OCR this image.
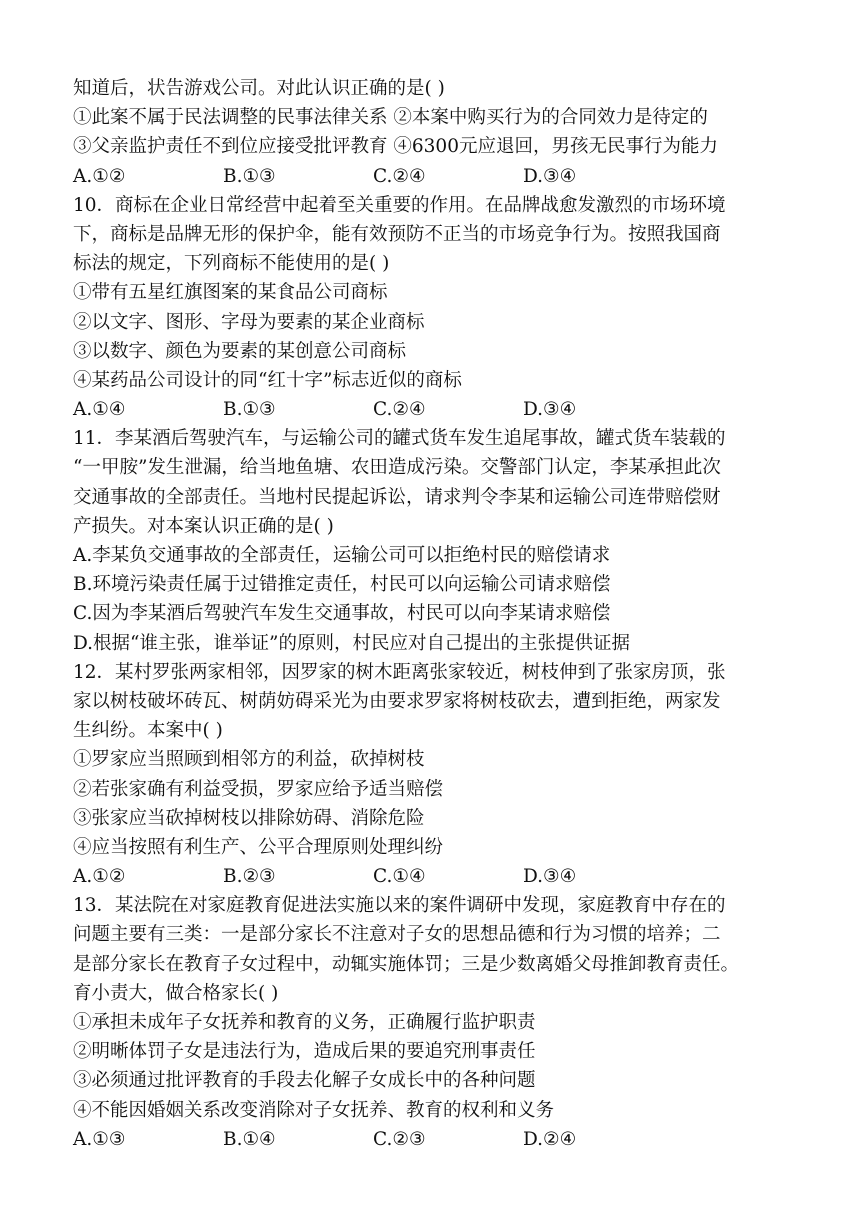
知道后，状告游戏公司。对此认识正确的是( )
①此案不属于民法调整的民事法律关系 ②本案中购买行为的合同效力是待定的
③父亲监护责任不到位应接受批评教育 ④6300元应退回，男孩无民事行为能力
A.①②	B.①③	C.②④	D.③④
10．商标在企业日常经营中起着至关重要的作用。在品牌战愈发激烈的市场环境
下，商标是品牌无形的保护伞，能有效预防不正当的市场竞争行为。按照我国商
标法的规定，下列商标不能使用的是( )
①带有五星红旗图案的某食品公司商标
②以文字、图形、字母为要素的某企业商标
③以数字、颜色为要素的某创意公司商标
④某药品公司设计的同“红十字”标志近似的商标
A.①④	B.①③	C.②④	D.③④
11．李某酒后驾驶汽车，与运输公司的罐式货车发生追尾事故，罐式货车装载的
“一甲胺”发生泄漏，给当地鱼塘、农田造成污染。交警部门认定，李某承担此次
交通事故的全部责任。当地村民提起诉讼，请求判令李某和运输公司连带赔偿财
产损失。对本案认识正确的是( )
A.李某负交通事故的全部责任，运输公司可以拒绝村民的赔偿请求
B.环境污染责任属于过错推定责任，村民可以向运输公司请求赔偿
C.因为李某酒后驾驶汽车发生交通事故，村民可以向李某请求赔偿
D.根据“谁主张，谁举证”的原则，村民应对自己提出的主张提供证据
12．某村罗张两家相邻，因罗家的树木距离张家较近，树枝伸到了张家房顶，张
家以树枝破坏砖瓦、树荫妨碍采光为由要求罗家将树枝砍去，遭到拒绝，两家发
生纠纷。本案中( )
①罗家应当照顾到相邻方的利益，砍掉树枝
②若张家确有利益受损，罗家应给予适当赔偿
③张家应当砍掉树枝以排除妨碍、消除危险
④应当按照有利生产、公平合理原则处理纠纷
A.①②	B.②③	C.①④	D.③④
13．某法院在对家庭教育促进法实施以来的案件调研中发现，家庭教育中存在的
问题主要有三类：一是部分家长不注意对子女的思想品德和行为习惯的培养；二
是部分家长在教育子女过程中，动辄实施体罚；三是少数离婚父母推卸教育责任。
育小责大，做合格家长( )
①承担未成年子女抚养和教育的义务，正确履行监护职责
②明晰体罚子女是违法行为，造成后果的要追究刑事责任
③必须通过批评教育的手段去化解子女成长中的各种问题
④不能因婚姻关系改变消除对子女抚养、教育的权利和义务
A.①③	B.①④	C.②③	D.②④
